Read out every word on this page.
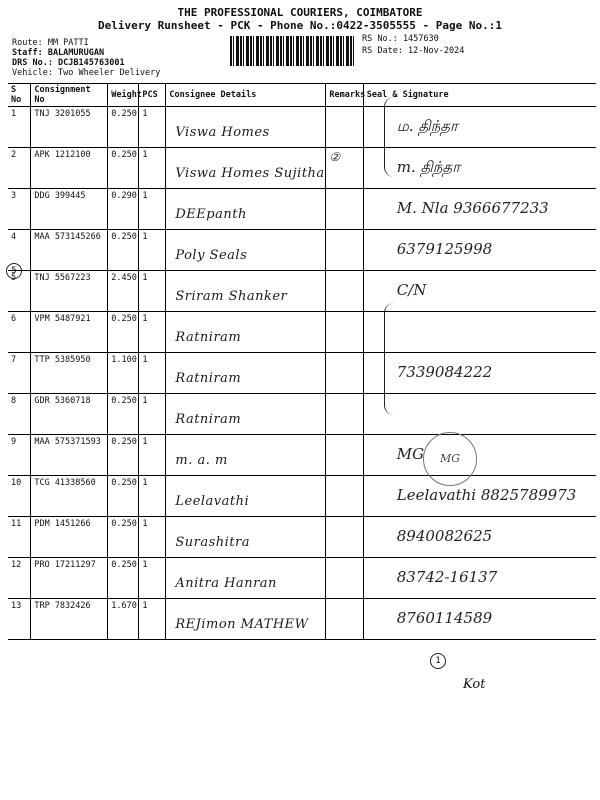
THE PROFESSIONAL COURIERS, COIMBATORE
Delivery Runsheet - PCK - Phone No.:0422-3505555 - Page No.:1
Route: MM PATTI
Staff: BALAMURUGAN
DRS No.: DCJB145763001
Vehicle: Two Wheeler Delivery
RS No.: 1457630
RS Date: 12-Nov-2024
S No	Consignment No	Weight	PCS	Consignee Details	Remarks	Seal & Signature
1	TNJ 3201055	0.250	1	Viswa Homes		ம. திந்தா
2	APK 1212100	0.250	1	Viswa Homes Sujitha	②	m. திந்தா
3	DDG 399445	0.290	1	DEEpanth		M. Nla 9366677233
4	MAA 573145266	0.250	1	Poly Seals		6379125998
5	TNJ 5567223	2.450	1	Sriram Shanker		C/N
6	VPM 5487921	0.250	1	Ratniram		
7	TTP 5385950	1.100	1	Ratniram		7339084222
8	GDR 5360718	0.250	1	Ratniram		
9	MAA 575371593	0.250	1	m. a. m		MG
10	TCG 41338560	0.250	1	Leelavathi		Leelavathi 8825789973
11	PDM 1451266	0.250	1	Surashitra		8940082625
12	PRO 17211297	0.250	1	Anitra Hanran		83742-16137
13	TRP 7832426	1.670	1	REJimon MATHEW		8760114589
MG
5
1
Kot
